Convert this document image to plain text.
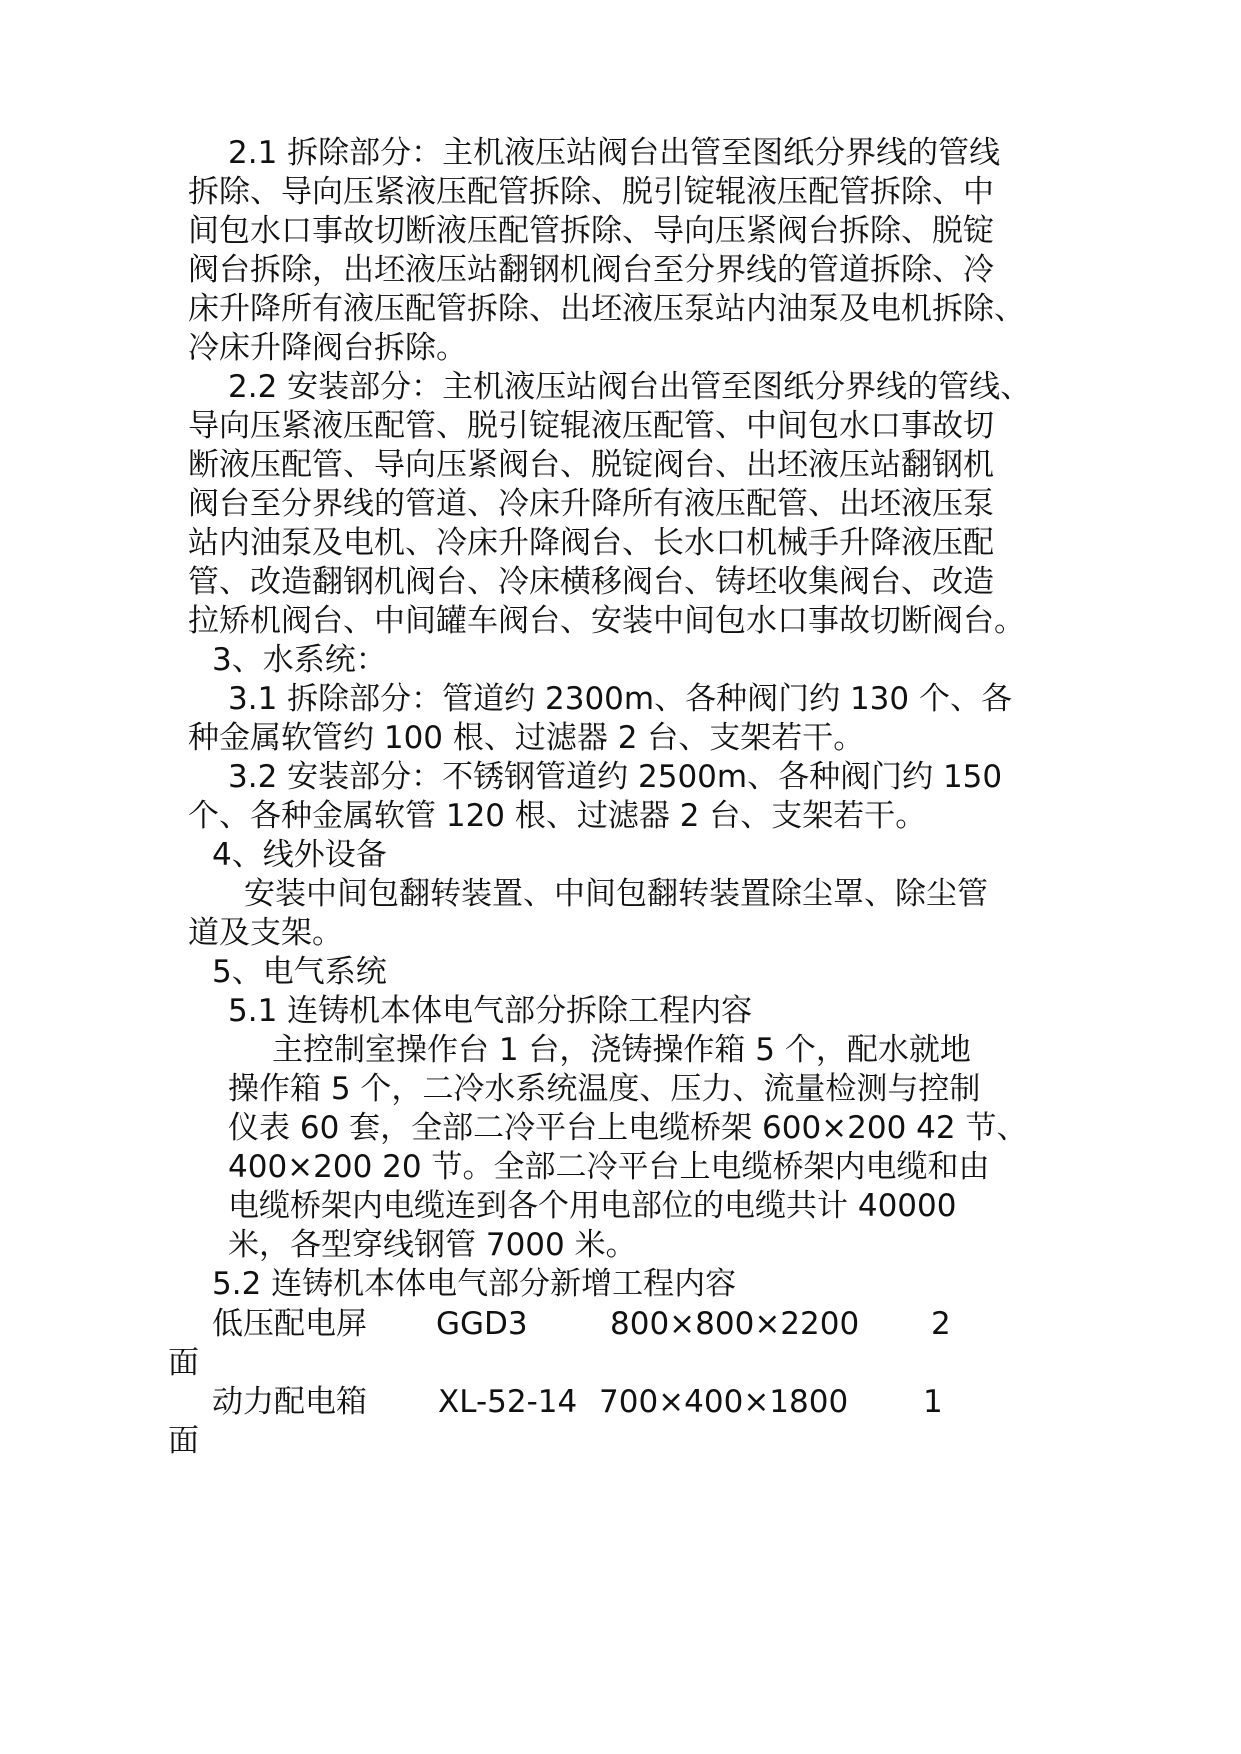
2.1 拆除部分：主机液压站阀台出管至图纸分界线的管线
拆除、导向压紧液压配管拆除、脱引锭辊液压配管拆除、中
间包水口事故切断液压配管拆除、导向压紧阀台拆除、脱锭
阀台拆除，出坯液压站翻钢机阀台至分界线的管道拆除、冷
床升降所有液压配管拆除、出坯液压泵站内油泵及电机拆除、
冷床升降阀台拆除。
2.2 安装部分：主机液压站阀台出管至图纸分界线的管线、
导向压紧液压配管、脱引锭辊液压配管、中间包水口事故切
断液压配管、导向压紧阀台、脱锭阀台、出坯液压站翻钢机
阀台至分界线的管道、冷床升降所有液压配管、出坯液压泵
站内油泵及电机、冷床升降阀台、长水口机械手升降液压配
管、改造翻钢机阀台、冷床横移阀台、铸坯收集阀台、改造
拉矫机阀台、中间罐车阀台、安装中间包水口事故切断阀台。
3、水系统：
3.1 拆除部分：管道约 2300m、各种阀门约 130 个、各
种金属软管约 100 根、过滤器 2 台、支架若干。
3.2 安装部分：不锈钢管道约 2500m、各种阀门约 150
个、各种金属软管 120 根、过滤器 2 台、支架若干。
4、线外设备
安装中间包翻转装置、中间包翻转装置除尘罩、除尘管
道及支架。
5、电气系统
5.1 连铸机本体电气部分拆除工程内容
主控制室操作台 1 台，浇铸操作箱 5 个，配水就地
操作箱 5 个，二冷水系统温度、压力、流量检测与控制
仪表 60 套，全部二冷平台上电缆桥架 600×200 42 节、
400×200 20 节。全部二冷平台上电缆桥架内电缆和由
电缆桥架内电缆连到各个用电部位的电缆共计 40000
米，各型穿线钢管 7000 米。
5.2 连铸机本体电气部分新增工程内容
低压配电屏 GGD3	800×800×2200 2
面
动力配电箱 XL-52-14 700×400×1800 1
面
